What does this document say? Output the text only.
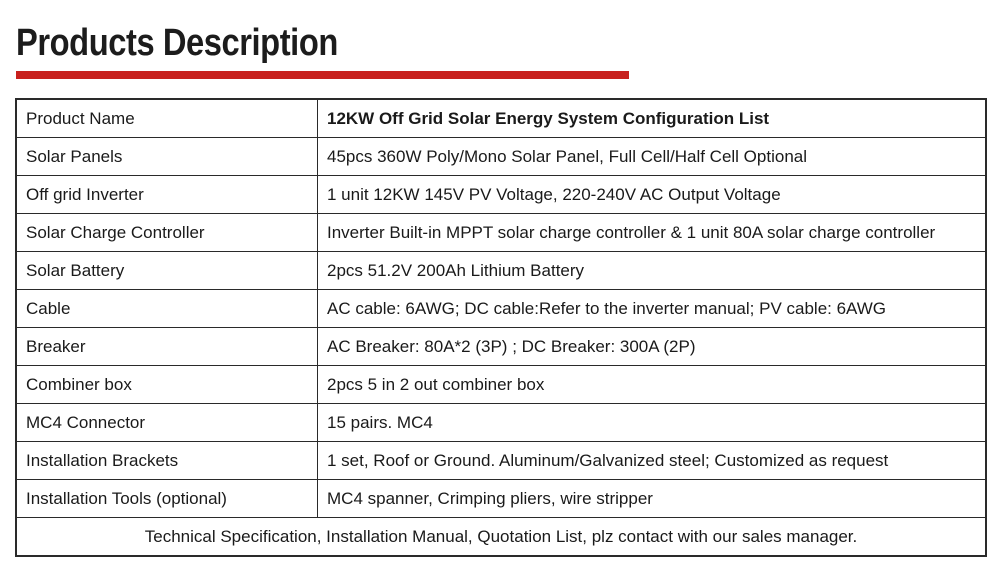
Products Description
Product Name	12KW Off Grid Solar Energy System Configuration List
Solar Panels	45pcs 360W Poly/Mono Solar Panel, Full Cell/Half Cell Optional
Off grid Inverter	1 unit 12KW 145V PV Voltage, 220-240V AC Output Voltage
Solar Charge Controller	Inverter Built-in MPPT solar charge controller & 1 unit 80A solar charge controller
Solar Battery	2pcs 51.2V 200Ah Lithium Battery
Cable	AC cable: 6AWG; DC cable:Refer to the inverter manual; PV cable: 6AWG
Breaker	AC Breaker: 80A*2 (3P) ; DC Breaker: 300A (2P)
Combiner box	2pcs 5 in 2 out combiner box
MC4 Connector	15 pairs. MC4
Installation Brackets	1 set, Roof or Ground. Aluminum/Galvanized steel; Customized as request
Installation Tools (optional)	MC4 spanner, Crimping pliers, wire stripper
Technical Specification, Installation Manual, Quotation List, plz contact with our sales manager.	
